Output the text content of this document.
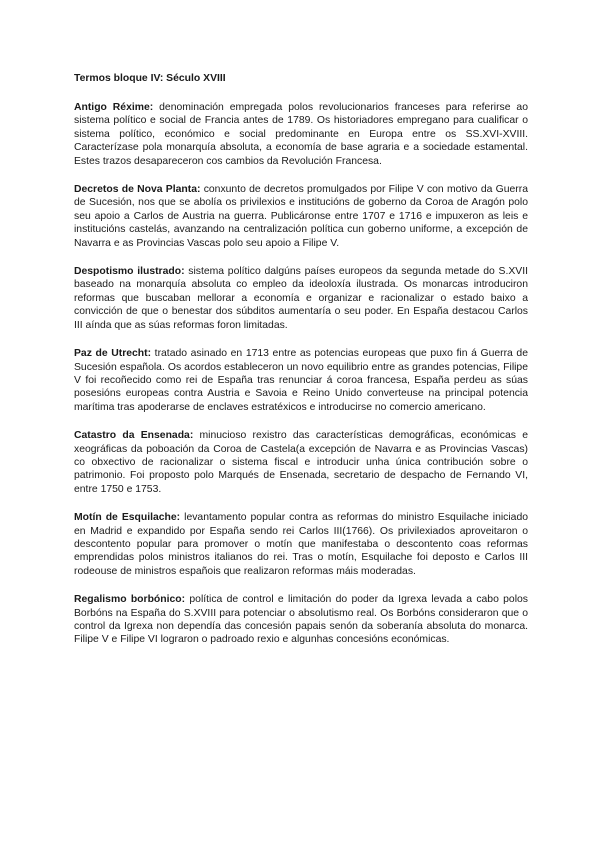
Termos bloque IV: Século XVIII

Antigo Réxime: denominación empregada polos revolucionarios franceses para referirse ao sistema político e social de Francia antes de 1789. Os historiadores empregano para cualificar o sistema político, económico e social predominante en Europa entre os SS.XVI-XVIII. Caracterízase pola monarquía absoluta, a economía de base agraria e a sociedade estamental. Estes trazos desapareceron cos cambios da Revolución Francesa.

Decretos de Nova Planta: conxunto de decretos promulgados por Filipe V con motivo da Guerra de Sucesión, nos que se abolía os privilexios e institucións de goberno da Coroa de Aragón polo seu apoio a Carlos de Austria na guerra. Publicáronse entre 1707 e 1716 e impuxeron as leis e institucións castelás, avanzando na centralización política cun goberno uniforme, a excepción de Navarra e as Provincias Vascas polo seu apoio a Filipe V.

Despotismo ilustrado: sistema político dalgúns países europeos da segunda metade do S.XVII baseado na monarquía absoluta co empleo da ideoloxía ilustrada. Os monarcas introduciron reformas que buscaban mellorar a economía e organizar e racionalizar o estado baixo a convicción de que o benestar dos súbditos aumentaría o seu poder. En España destacou Carlos III aínda que as súas reformas foron limitadas.

Paz de Utrecht: tratado asinado en 1713 entre as potencias europeas que puxo fin á Guerra de Sucesión española. Os acordos estableceron un novo equilibrio entre as grandes potencias, Filipe V foi recoñecido como rei de España tras renunciar á coroa francesa, España perdeu as súas posesións europeas contra Austria e Savoia e Reino Unido converteuse na principal potencia marítima tras apoderarse de enclaves estratéxicos e introducirse no comercio americano.

Catastro da Ensenada: minucioso rexistro das características demográficas, económicas e xeográficas da poboación da Coroa de Castela(a excepción de Navarra e as Provincias Vascas) co obxectivo de racionalizar o sistema fiscal e introducir unha única contribución sobre o patrimonio. Foi proposto polo Marqués de Ensenada, secretario de despacho de Fernando VI, entre 1750 e 1753.

Motín de Esquilache: levantamento popular contra as reformas do ministro Esquilache iniciado en Madrid e expandido por España sendo rei Carlos III(1766). Os privilexiados aproveitaron o descontento popular para promover o motín que manifestaba o descontento coas reformas emprendidas polos ministros italianos do rei. Tras o motín, Esquilache foi deposto e Carlos III rodeouse de ministros españois que realizaron reformas máis moderadas.

Regalismo borbónico: política de control e limitación do poder da Igrexa levada a cabo polos Borbóns na España do S.XVIII para potenciar o absolutismo real. Os Borbóns consideraron que o control da Igrexa non dependía das concesión papais senón da soberanía absoluta do monarca. Filipe V e Filipe VI lograron o padroado rexio e algunhas concesións económicas.
